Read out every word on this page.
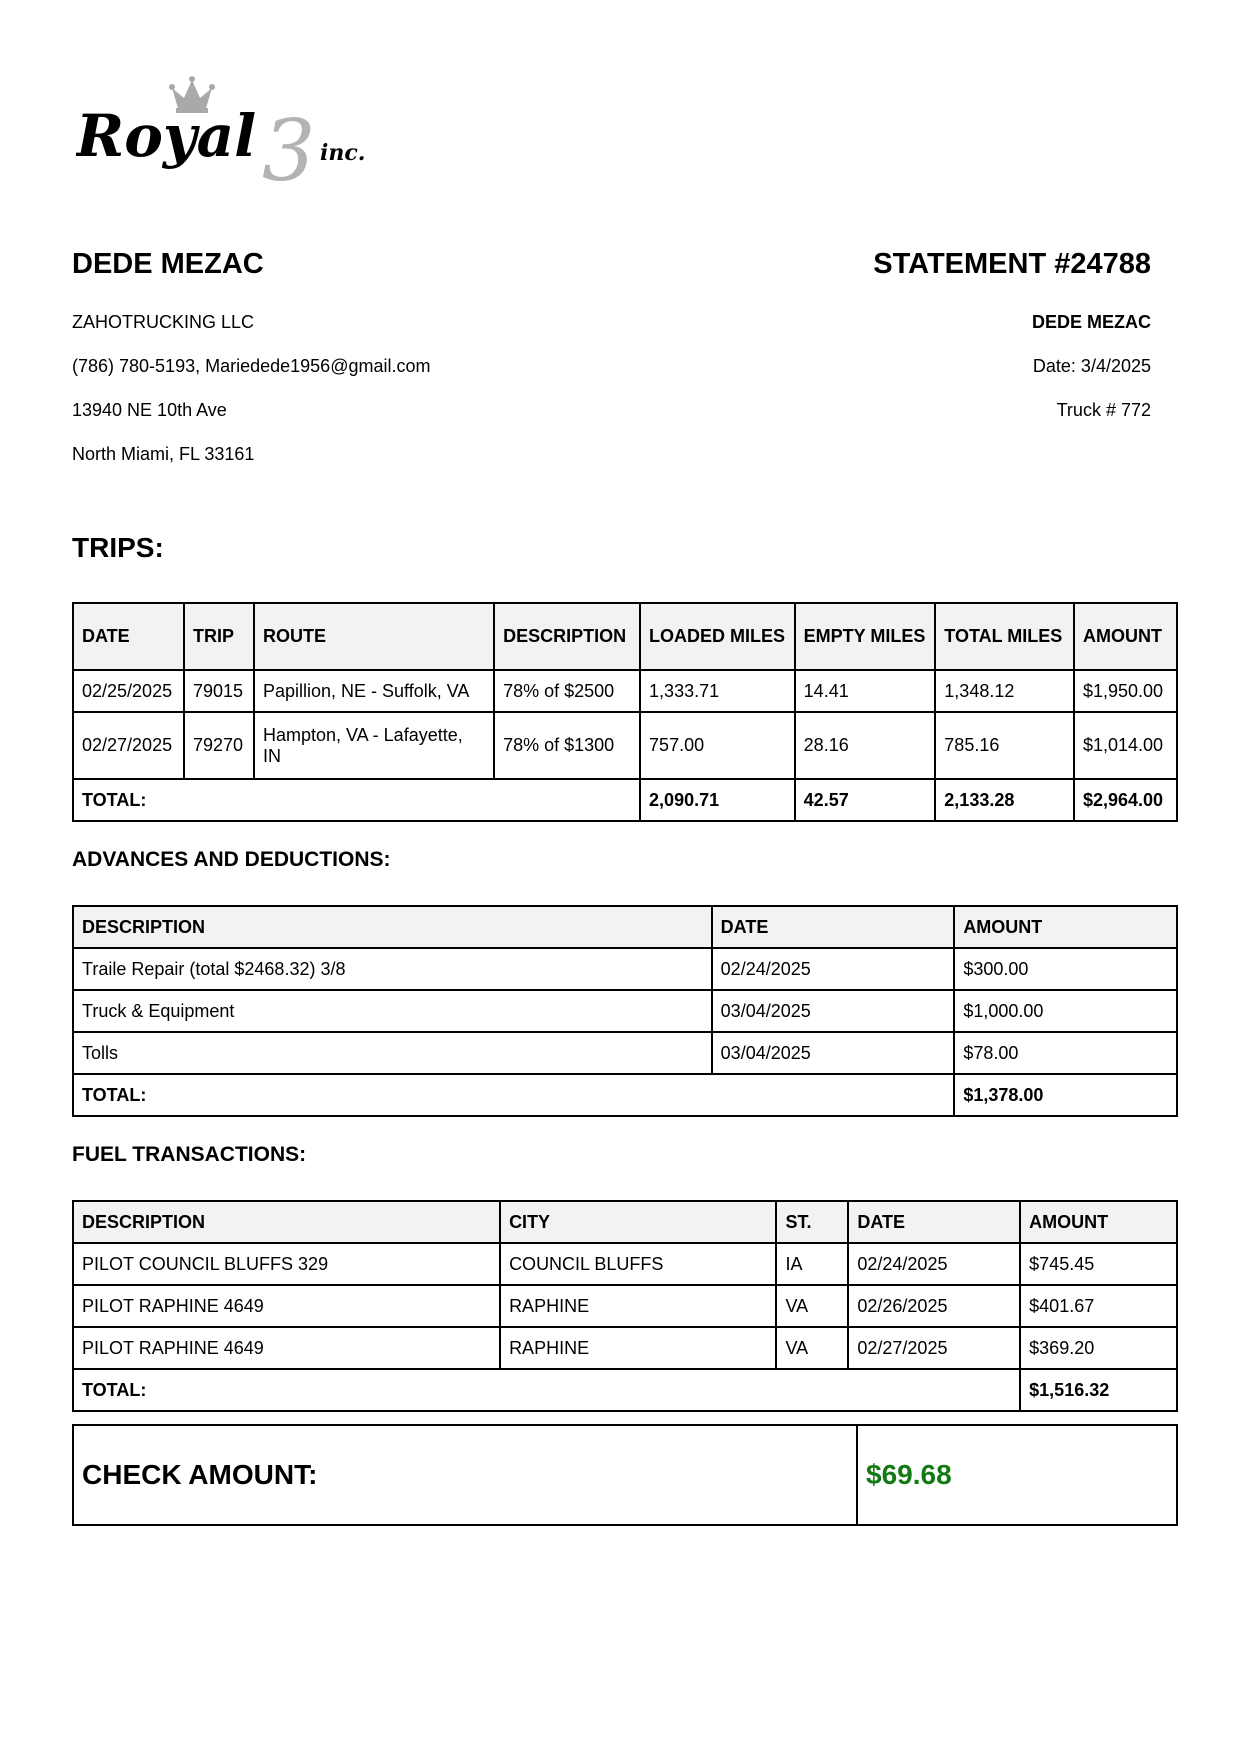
3
Royal	inc.
DEDE MEZAC
ZAHOTRUCKING LLC
(786) 780-5193, Mariedede1956@gmail.com
13940 NE 10th Ave
North Miami, FL 33161
STATEMENT #24788
DEDE MEZAC
Date: 3/4/2025
Truck # 772
TRIPS:
DATE	TRIP	ROUTE	DESCRIPTION	LOADED MILES	EMPTY MILES	TOTAL MILES	AMOUNT
02/25/2025	79015	Papillion, NE - Suffolk, VA	78% of $2500	1,333.71	14.41	1,348.12	$1,950.00
02/27/2025	79270	Hampton, VA - Lafayette, IN	78% of $1300	757.00	28.16	785.16	$1,014.00
TOTAL:				2,090.71	42.57	2,133.28	$2,964.00
ADVANCES AND DEDUCTIONS:
DESCRIPTION	DATE	AMOUNT
Traile Repair (total $2468.32) 3/8	02/24/2025	$300.00
Truck & Equipment	03/04/2025	$1,000.00
Tolls	03/04/2025	$78.00
TOTAL:		$1,378.00
FUEL TRANSACTIONS:
DESCRIPTION	CITY	ST.	DATE	AMOUNT
PILOT COUNCIL BLUFFS 329	COUNCIL BLUFFS	IA	02/24/2025	$745.45
PILOT RAPHINE 4649	RAPHINE	VA	02/26/2025	$401.67
PILOT RAPHINE 4649	RAPHINE	VA	02/27/2025	$369.20
TOTAL:				$1,516.32
CHECK AMOUNT:	$69.68
